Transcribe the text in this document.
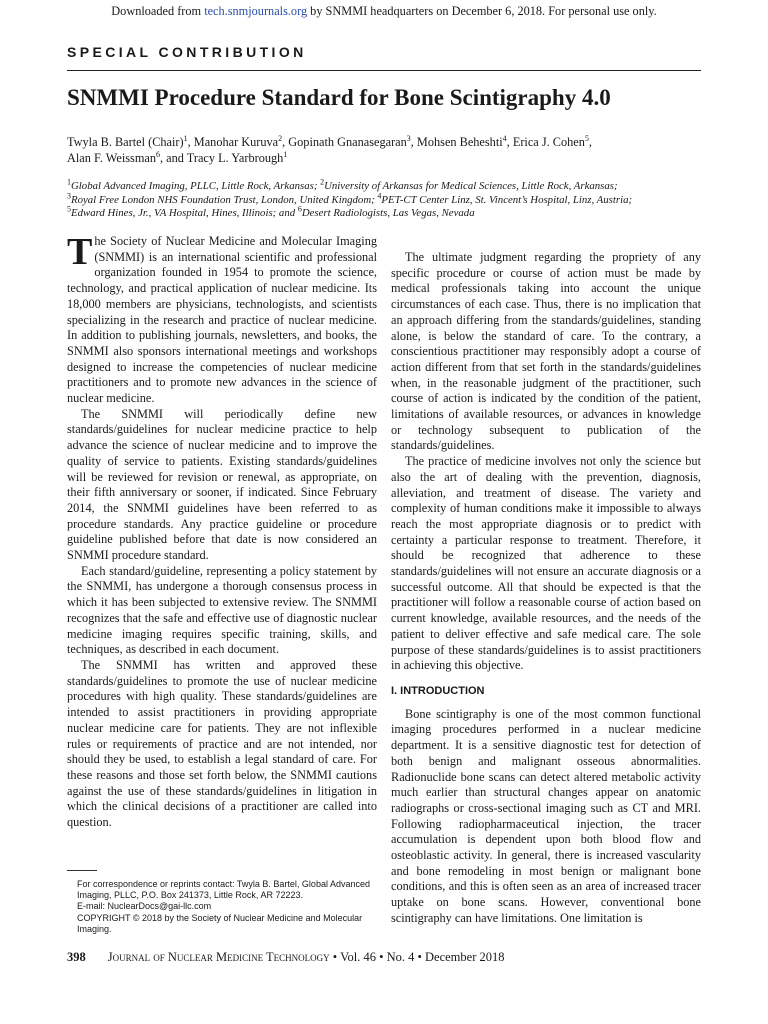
Downloaded from tech.snmjournals.org by SNMMI headquarters on December 6, 2018. For personal use only.
SPECIAL CONTRIBUTION
SNMMI Procedure Standard for Bone Scintigraphy 4.0
Twyla B. Bartel (Chair)$^1$, Manohar Kuruva$^2$, Gopinath Gnanasegaran$^3$, Mohsen Beheshti$^4$, Erica J. Cohen$^5$,
Alan F. Weissman$^6$, and Tracy L. Yarbrough$^1$
$^1$Global Advanced Imaging, PLLC, Little Rock, Arkansas; $^2$University of Arkansas for Medical Sciences, Little Rock, Arkansas;
$^3$Royal Free London NHS Foundation Trust, London, United Kingdom; $^4$PET-CT Center Linz, St. Vincent’s Hospital, Linz, Austria;
$^5$Edward Hines, Jr., VA Hospital, Hines, Illinois; and $^6$Desert Radiologists, Las Vegas, Nevada

The Society of Nuclear Medicine and Molecular Imaging (SNMMI) is an international scientific and professional organization founded in 1954 to promote the science, technology, and practical application of nuclear medicine. Its 18,000 members are physicians, technologists, and scientists specializing in the research and practice of nuclear medicine. In addition to publishing journals, newsletters, and books, the SNMMI also sponsors international meetings and workshops designed to increase the competencies of nuclear medicine practitioners and to promote new advances in the science of nuclear medicine.

The SNMMI will periodically define new standards/guidelines for nuclear medicine practice to help advance the science of nuclear medicine and to improve the quality of service to patients. Existing standards/guidelines will be reviewed for revision or renewal, as appropriate, on their fifth anniversary or sooner, if indicated. Since February 2014, the SNMMI guidelines have been referred to as procedure standards. Any practice guideline or procedure guideline published before that date is now considered an SNMMI procedure standard.

Each standard/guideline, representing a policy statement by the SNMMI, has undergone a thorough consensus process in which it has been subjected to extensive review. The SNMMI recognizes that the safe and effective use of diagnostic nuclear medicine imaging requires specific training, skills, and techniques, as described in each document.

The SNMMI has written and approved these standards/guidelines to promote the use of nuclear medicine procedures with high quality. These standards/guidelines are intended to assist practitioners in providing appropriate nuclear medicine care for patients. They are not inflexible rules or requirements of practice and are not intended, nor should they be used, to establish a legal standard of care. For these reasons and those set forth below, the SNMMI cautions against the use of these standards/guidelines in litigation in which the clinical decisions of a practitioner are called into question.

The ultimate judgment regarding the propriety of any specific procedure or course of action must be made by medical professionals taking into account the unique circumstances of each case. Thus, there is no implication that an approach differing from the standards/guidelines, standing alone, is below the standard of care. To the contrary, a conscientious practitioner may responsibly adopt a course of action different from that set forth in the standards/guidelines when, in the reasonable judgment of the practitioner, such course of action is indicated by the condition of the patient, limitations of available resources, or advances in knowledge or technology subsequent to publication of the standards/guidelines.

The practice of medicine involves not only the science but also the art of dealing with the prevention, diagnosis, alleviation, and treatment of disease. The variety and complexity of human conditions make it impossible to always reach the most appropriate diagnosis or to predict with certainty a particular response to treatment. Therefore, it should be recognized that adherence to these standards/guidelines will not ensure an accurate diagnosis or a successful outcome. All that should be expected is that the practitioner will follow a reasonable course of action based on current knowledge, available resources, and the needs of the patient to deliver effective and safe medical care. The sole purpose of these standards/guidelines is to assist practitioners in achieving this objective.

I. INTRODUCTION

Bone scintigraphy is one of the most common functional imaging procedures performed in a nuclear medicine department. It is a sensitive diagnostic test for detection of both benign and malignant osseous abnormalities. Radionuclide bone scans can detect altered metabolic activity much earlier than structural changes appear on anatomic radiographs or cross-sectional imaging such as CT and MRI. Following radiopharmaceutical injection, the tracer accumulation is dependent upon both blood flow and osteoblastic activity. In general, there is increased vascularity and bone remodeling in most benign or malignant bone conditions, and this is often seen as an area of increased tracer uptake on bone scans. However, conventional bone scintigraphy can have limitations. One limitation is

For correspondence or reprints contact: Twyla B. Bartel, Global Advanced Imaging, PLLC, P.O. Box 241373, Little Rock, AR 72223.
E-mail: NuclearDocs@gai-llc.com
COPYRIGHT © 2018 by the Society of Nuclear Medicine and Molecular Imaging.
398 Journal of Nuclear Medicine Technology • Vol. 46 • No. 4 • December 2018
